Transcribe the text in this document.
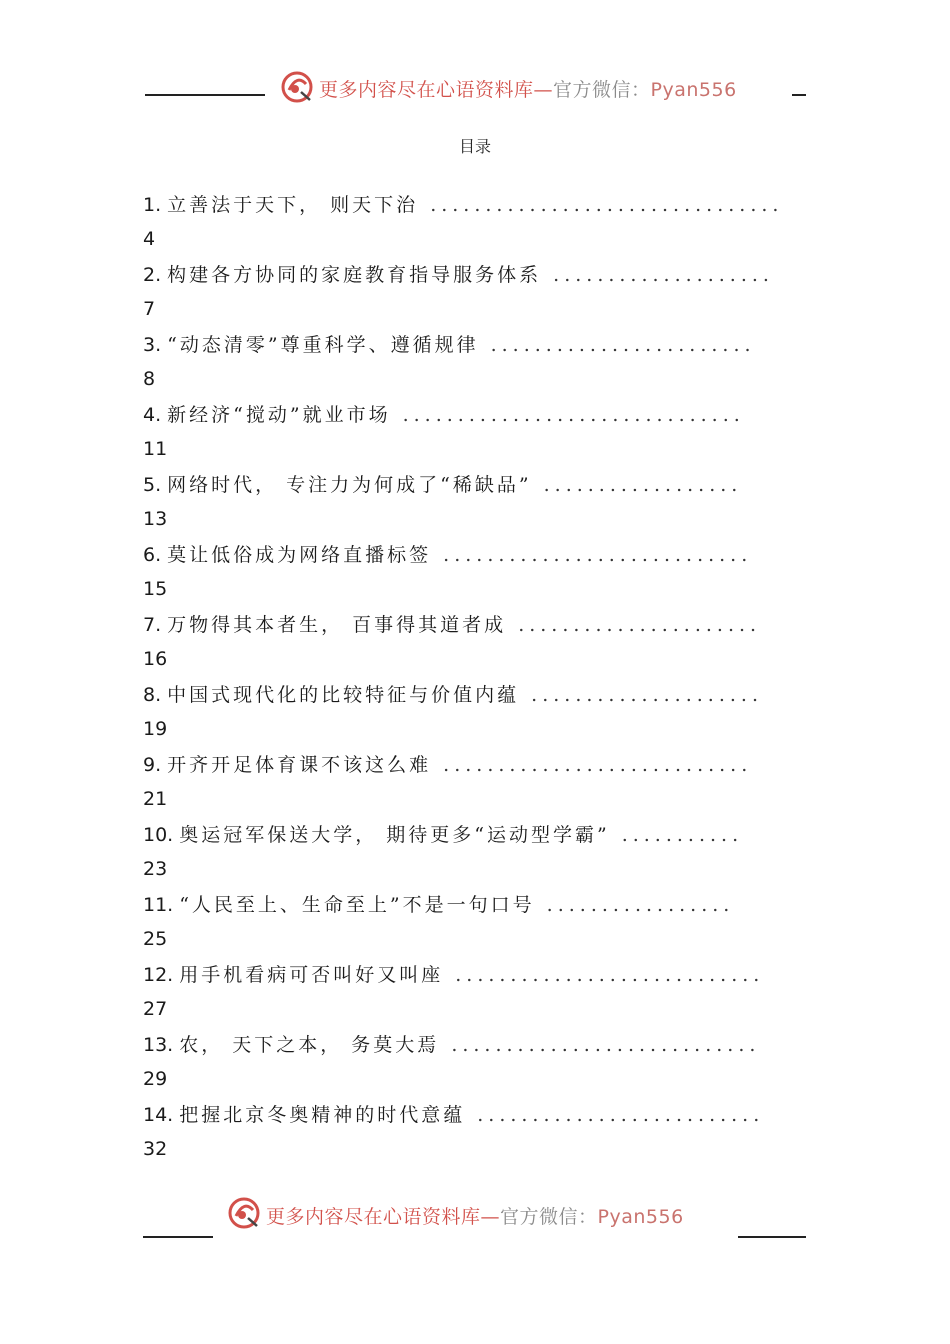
更多内容尽在心语资料库—官方微信：Pyan556
目录
1. 立善法于天下， 则天下治 ................................
4
2. 构建各方协同的家庭教育指导服务体系 ....................
7
3. “动态清零”尊重科学、遵循规律 ........................
8
4. 新经济“搅动”就业市场 ...............................
11
5. 网络时代， 专注力为何成了“稀缺品” ..................
13
6. 莫让低俗成为网络直播标签 ............................
15
7. 万物得其本者生， 百事得其道者成 ......................
16
8. 中国式现代化的比较特征与价值内蕴 .....................
19
9. 开齐开足体育课不该这么难 ............................
21
10. 奥运冠军保送大学， 期待更多“运动型学霸” ...........
23
11. “人民至上、生命至上”不是一句口号 .................
25
12. 用手机看病可否叫好又叫座 ............................
27
13. 农， 天下之本， 务莫大焉 ............................
29
14. 把握北京冬奥精神的时代意蕴 ..........................
32
更多内容尽在心语资料库—官方微信：Pyan556
